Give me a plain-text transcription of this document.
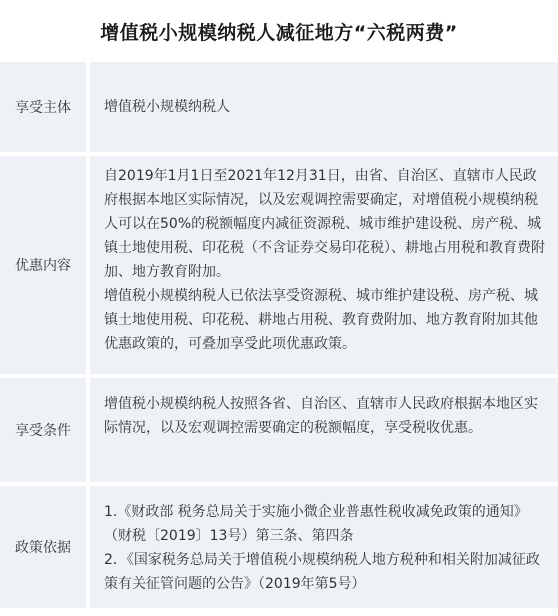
增值税小规模纳税人减征地方“六税两费”
享受主体	增值税小规模纳税人

优惠内容

自2019年1月1日至2021年12月31日，由省、自治区、直辖市人民政府根据本地区实际情况，以及宏观调控需要确定，对增值税小规模纳税人可以在50%的税额幅度内减征资源税、城市维护建设税、房产税、城镇土地使用税、印花税（不含证券交易印花税）、耕地占用税和教育费附加、地方教育附加。

增值税小规模纳税人已依法享受资源税、城市维护建设税、房产税、城镇土地使用税、印花税、耕地占用税、教育费附加、地方教育附加其他优惠政策的，可叠加享受此项优惠政策。

享受条件

增值税小规模纳税人按照各省、自治区、直辖市人民政府根据本地区实际情况，以及宏观调控需要确定的税额幅度，享受税收优惠。

政策依据

1.《财政部 税务总局关于实施小微企业普惠性税收减免政策的通知》（财税〔2019〕13号）第三条、第四条

2．《国家税务总局关于增值税小规模纳税人地方税种和相关附加减征政策有关征管问题的公告》（2019年第5号）
